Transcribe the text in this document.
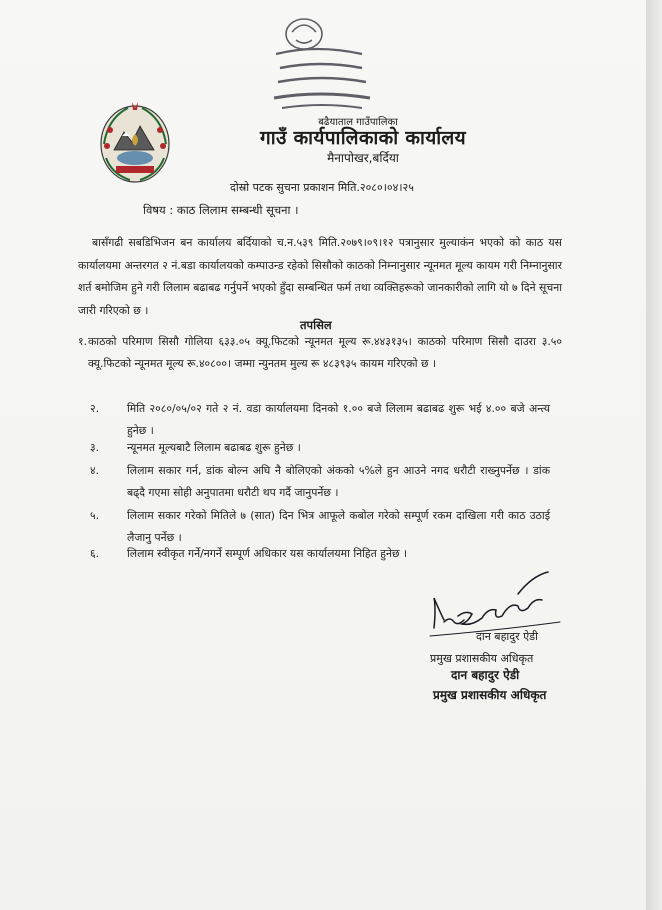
बढैयाताल गाउँपालिका
गाउँ कार्यपालिकाको कार्यालय
मैनापोखर,बर्दिया
दोस्रो पटक सुचना प्रकाशन मिति.२०८०।०४।२५
विषय : काठ लिलाम सम्बन्धी सूचना ।
बासँगढी सबडिभिजन बन कार्यालय बर्दियाको च.न.५३९ मिति.२०७९।०९।१२ पत्रानुसार मुल्याकंन भएको को काठ यस कार्यालयमा अन्तरगत २ नं.बडा कार्यालयको कम्पाउन्ड रहेको सिसौको काठको निम्नानुसार न्यूनमत मूल्य कायम गरी निम्नानुसार शर्त बमोजिम हुने गरी लिलाम बढाबढ गर्नुपर्ने भएको हुँदा सम्बन्धित फर्म तथा व्यक्तिहरूको जानकारीको लागि यो ७ दिने सूचना जारी गरिएको छ ।
तपसिल
१. काठको परिमाण सिसौ गोलिया ६३३.०५ क्यू.फिटको न्यूनमत मूल्य रू.४४३१३५। काठको परिमाण सिसौ दाउरा ३.५० क्यू.फिटको न्यूनमत मूल्य रू.४०८००। जम्मा न्युनतम मुल्य रू ४८३९३५ कायम गरिएको छ ।
२.	मिति २०८०/०५/०२ गते २ नं. वडा कार्यालयमा दिनको १.०० बजे लिलाम बढाबढ शुरू भई ४.०० बजे अन्त्य हुनेछ ।
३.	न्यूनमत मूल्यबाटै लिलाम बढाबढ शुरू हुनेछ ।
४.	लिलाम सकार गर्न, डांक बोल्न अघि नै बोलिएको अंकको ५%ले हुन आउने नगद धरौटी राख्नुपर्नेछ । डांक बढ्दै गएमा सोही अनुपातमा धरौटी थप गर्दै जानुपर्नेछ ।
५.	लिलाम सकार गरेको मितिले ७ (सात) दिन भित्र आफूले कबोल गरेको सम्पूर्ण रकम दाखिला गरी काठ उठाई लैजानु पर्नेछ ।
६.	लिलाम स्वीकृत गर्ने/नगर्ने सम्पूर्ण अधिकार यस कार्यालयमा निहित हुनेछ ।
दान बहादुर ऐडी
प्रमुख प्रशासकीय अधिकृत
दान बहादुर ऐडी
प्रमुख प्रशासकीय अधिकृत
